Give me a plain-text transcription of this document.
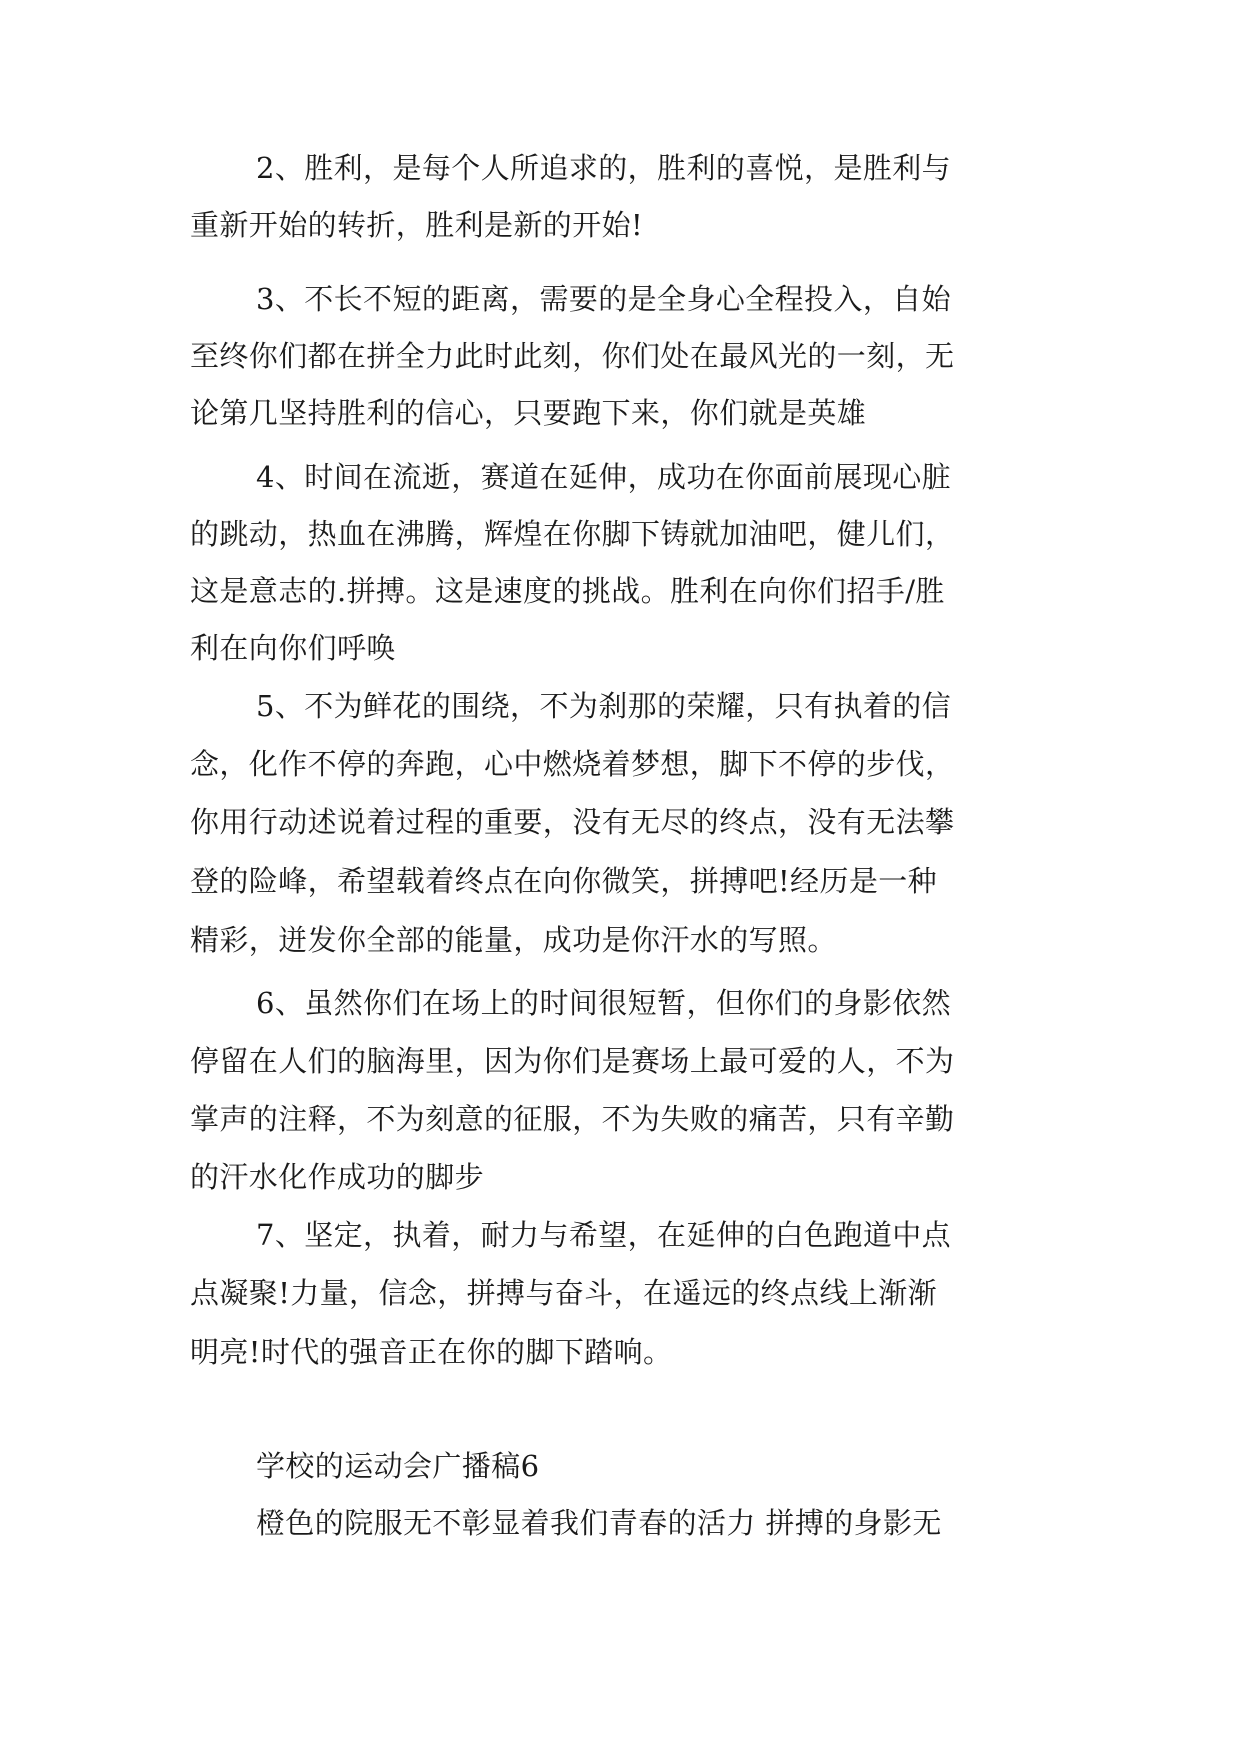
2、胜利，是每个人所追求的，胜利的喜悦，是胜利与
重新开始的转折，胜利是新的开始!
3、不长不短的距离，需要的是全身心全程投入，自始
至终你们都在拼全力此时此刻，你们处在最风光的一刻，无
论第几坚持胜利的信心，只要跑下来，你们就是英雄
4、时间在流逝，赛道在延伸，成功在你面前展现心脏
的跳动，热血在沸腾，辉煌在你脚下铸就加油吧，健儿们，
这是意志的.拼搏。这是速度的挑战。胜利在向你们招手/胜
利在向你们呼唤
5、不为鲜花的围绕，不为刹那的荣耀，只有执着的信
念，化作不停的奔跑，心中燃烧着梦想，脚下不停的步伐，
你用行动述说着过程的重要，没有无尽的终点，没有无法攀
登的险峰，希望载着终点在向你微笑，拼搏吧!经历是一种
精彩，迸发你全部的能量，成功是你汗水的写照。
6、虽然你们在场上的时间很短暂，但你们的身影依然
停留在人们的脑海里，因为你们是赛场上最可爱的人，不为
掌声的注释，不为刻意的征服，不为失败的痛苦，只有辛勤
的汗水化作成功的脚步
7、坚定，执着，耐力与希望，在延伸的白色跑道中点
点凝聚!力量，信念，拼搏与奋斗，在遥远的终点线上渐渐
明亮!时代的强音正在你的脚下踏响。
学校的运动会广播稿6
橙色的院服无不彰显着我们青春的活力 拼搏的身影无
